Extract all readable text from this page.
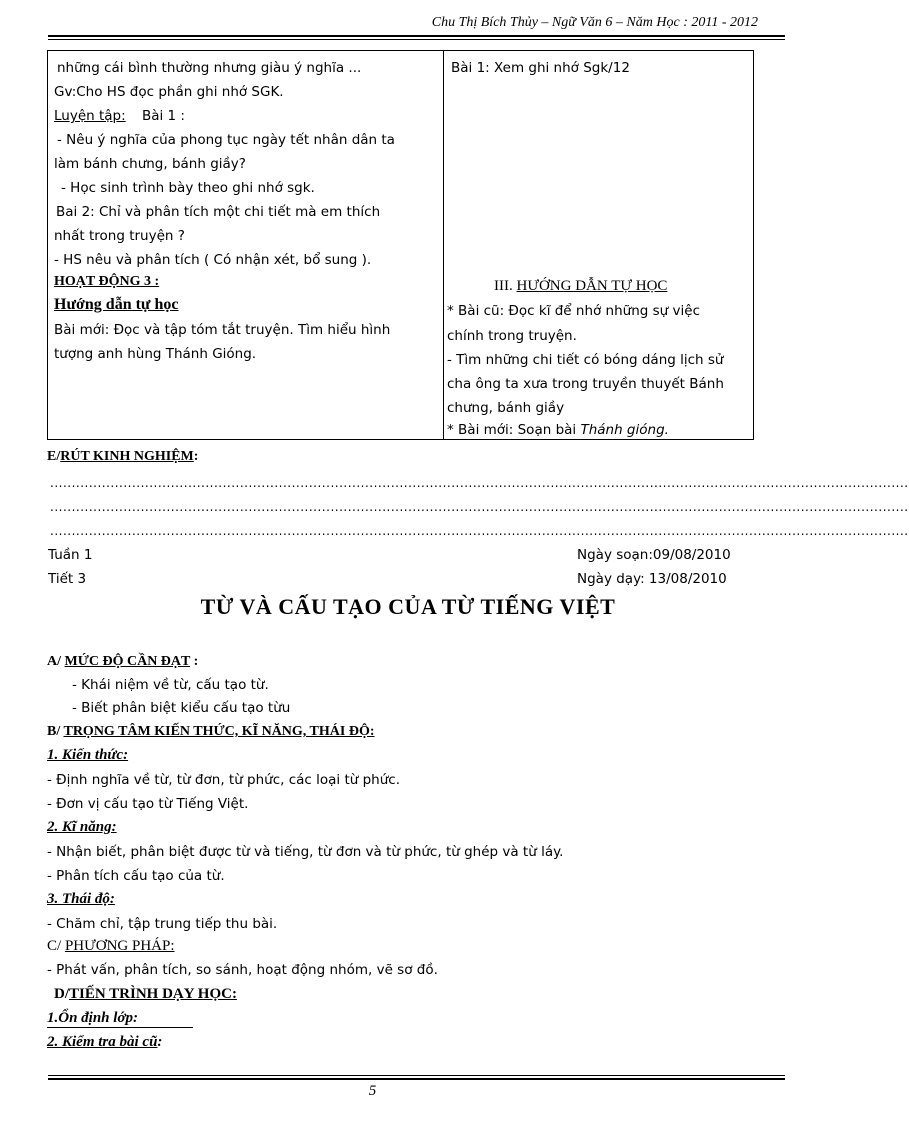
Chu Thị Bích Thủy – Ngữ Văn 6 – Năm Học : 2011 - 2012
những cái bình thường nhưng giàu ý nghĩa ...
Gv:Cho HS đọc phần ghi nhớ SGK.
Luyện tập: Bài 1 :
- Nêu ý nghĩa của phong tục ngày tết nhân dân ta
làm bánh chưng, bánh giầy?
- Học sinh trình bày theo ghi nhớ sgk.
Bai 2: Chỉ và phân tích một chi tiết mà em thích
nhất trong truyện ?
- HS nêu và phân tích ( Có nhận xét, bổ sung ).
HOẠT ĐỘNG 3 :
Hướng dẫn tự học
Bài mới: Đọc và tập tóm tắt truyện. Tìm hiểu hình
tượng anh hùng Thánh Gióng.

Bài 1: Xem ghi nhớ Sgk/12
III. HƯỚNG DẪN TỰ HỌC
* Bài cũ: Đọc kĩ để nhớ những sự việc
chính trong truyện.
- Tìm những chi tiết có bóng dáng lịch sử
cha ông ta xưa trong truyền thuyết Bánh
chưng, bánh giầy
* Bài mới: Soạn bài Thánh gióng.
E/RÚT KINH NGHIỆM:
.......................................................................................................................................................................................................
.......................................................................................................................................................................................................
.......................................................................................................................................................................................................
Tuần 1
Tiết 3
Ngày soạn:09/08/2010
Ngày dạy: 13/08/2010
TỪ VÀ CẤU TẠO CỦA TỪ TIẾNG VIỆT
A/ MỨC ĐỘ CẦN ĐẠT :
- Khái niệm về từ, cấu tạo từ.
- Biết phân biệt kiểu cấu tạo từu
B/ TRỌNG TÂM KIẾN THỨC, KĨ NĂNG, THÁI ĐỘ:
1. Kiến thức:
- Định nghĩa về từ, từ đơn, từ phức, các loại từ phức.
- Đơn vị cấu tạo từ Tiếng Việt.
2. Kĩ năng:
- Nhận biết, phân biệt được từ và tiếng, từ đơn và từ phức, từ ghép và từ láy.
- Phân tích cấu tạo của từ.
3. Thái độ:
- Chăm chỉ, tập trung tiếp thu bài.
C/ PHƯƠNG PHÁP:
- Phát vấn, phân tích, so sánh, hoạt động nhóm, vẽ sơ đồ.
D/TIẾN TRÌNH DẠY HỌC:
1.Ổn định lớp:
2. Kiểm tra bài cũ:
5
